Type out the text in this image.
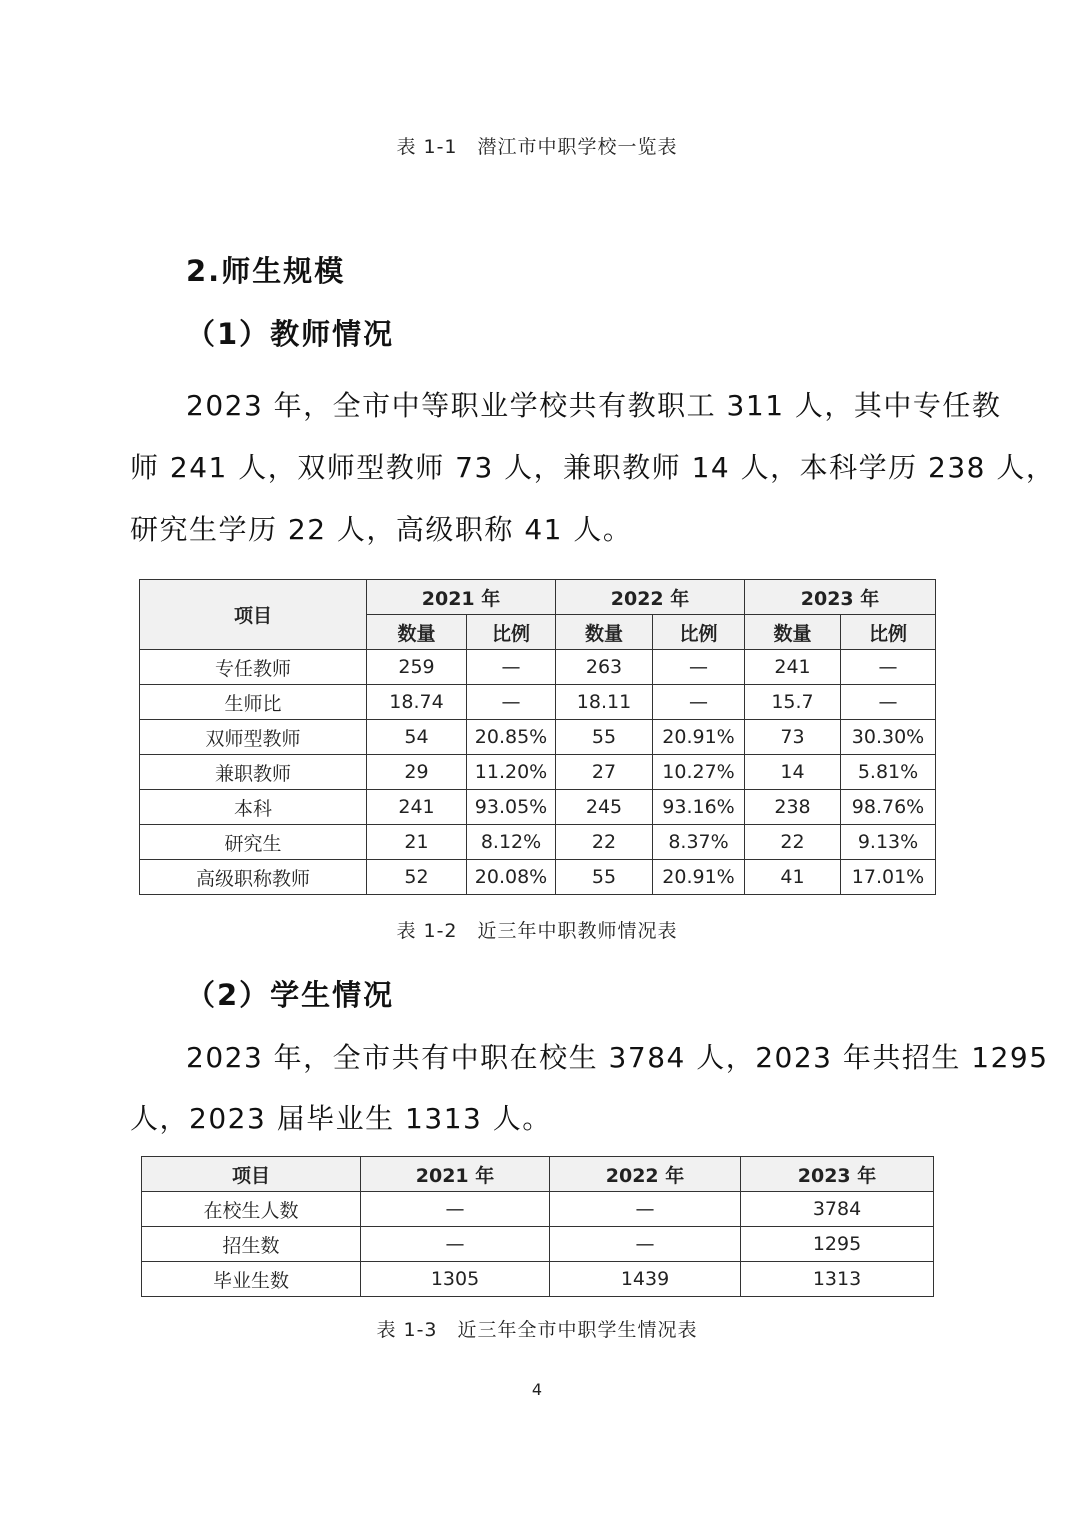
表 1-1　潜江市中职学校一览表
2.师生规模
（1）教师情况
2023 年，全市中等职业学校共有教职工 311 人，其中专任教
师 241 人，双师型教师 73 人，兼职教师 14 人，本科学历 238 人，
研究生学历 22 人，高级职称 41 人。
项目	2021 年		2022 年		2023 年	
	数量	比例	数量	比例	数量	比例
专任教师	259	—	263	—	241	—
生师比	18.74	—	18.11	—	15.7	—
双师型教师	54	20.85%	55	20.91%	73	30.30%
兼职教师	29	11.20%	27	10.27%	14	5.81%
本科	241	93.05%	245	93.16%	238	98.76%
研究生	21	8.12%	22	8.37%	22	9.13%
高级职称教师	52	20.08%	55	20.91%	41	17.01%
表 1-2　近三年中职教师情况表
（2）学生情况
2023 年，全市共有中职在校生 3784 人，2023 年共招生 1295
人，2023 届毕业生 1313 人。
项目	2021 年	2022 年	2023 年
在校生人数	—	—	3784
招生数	—	—	1295
毕业生数	1305	1439	1313
表 1-3　近三年全市中职学生情况表
4
